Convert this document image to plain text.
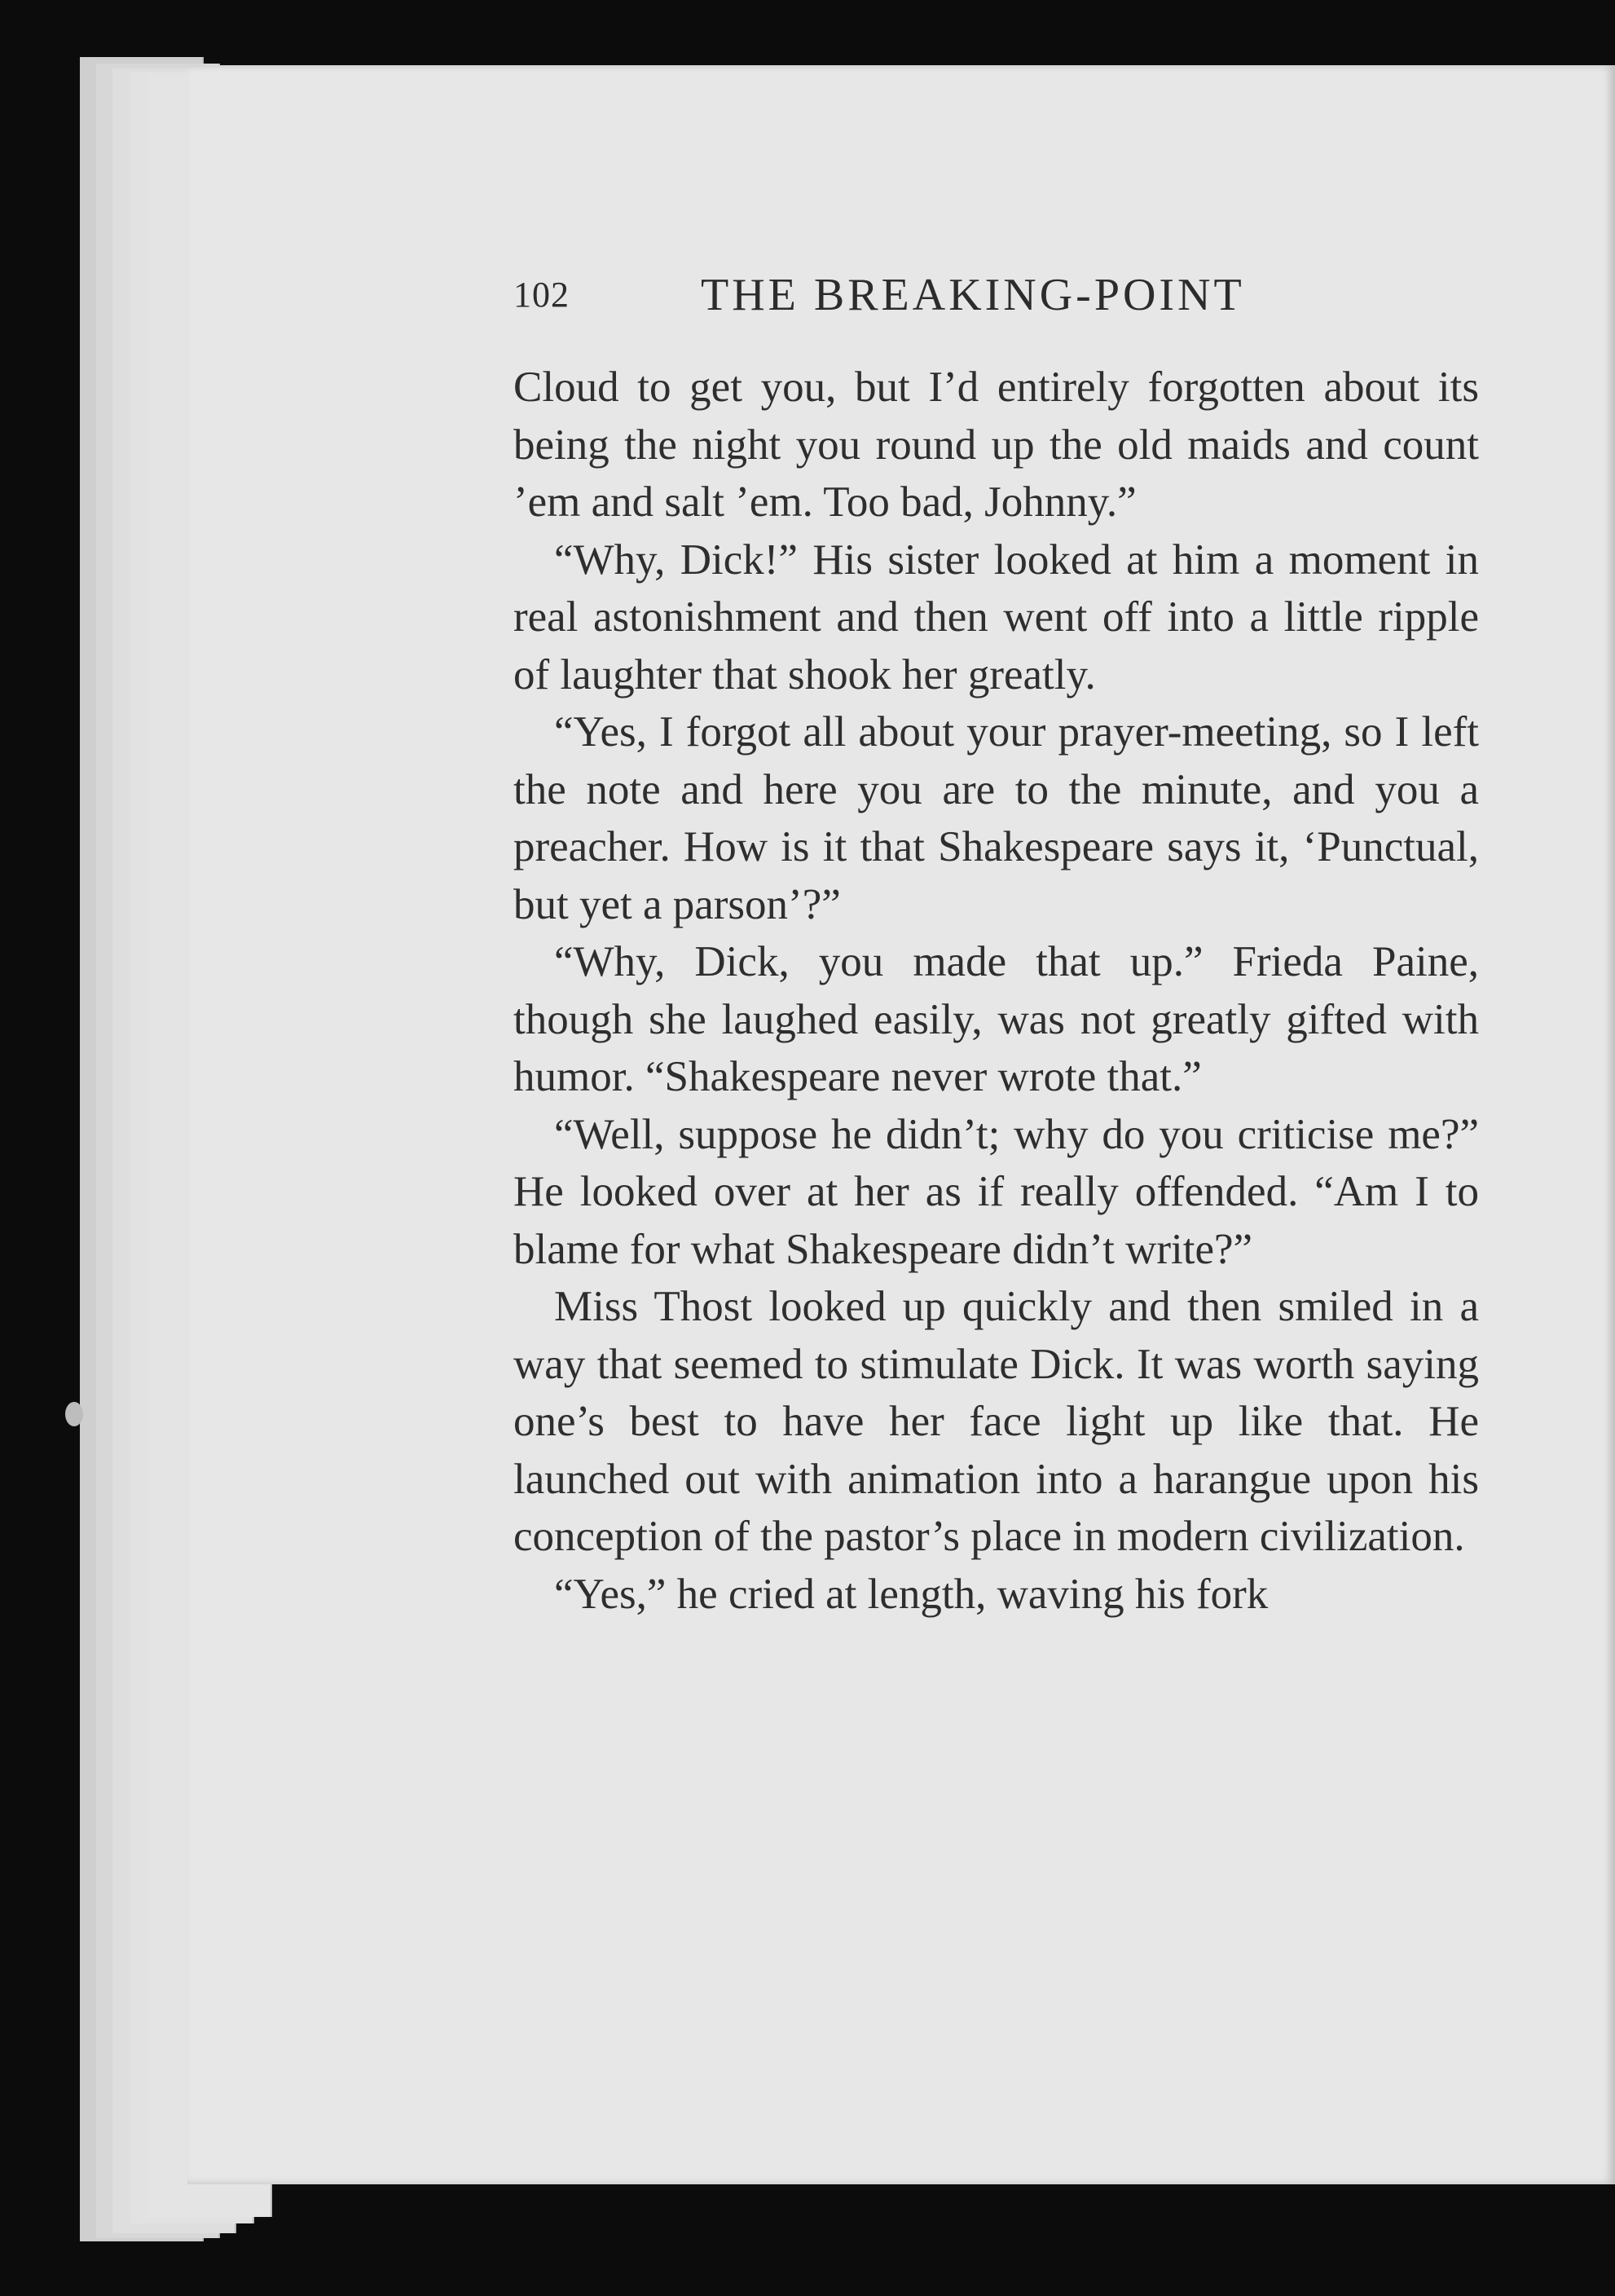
102	THE BREAKING-POINT

Cloud to get you, but I’d entirely forgotten about its being the night you round up the old maids and count ’em and salt ’em. Too bad, Johnny.”

“Why, Dick!” His sister looked at him a moment in real astonishment and then went off into a little ripple of laughter that shook her greatly.

“Yes, I forgot all about your prayer-meeting, so I left the note and here you are to the minute, and you a preacher. How is it that Shakespeare says it, ‘Punctual, but yet a parson’?”

“Why, Dick, you made that up.” Frieda Paine, though she laughed easily, was not greatly gifted with humor. “Shakespeare never wrote that.”

“Well, suppose he didn’t; why do you criticise me?” He looked over at her as if really offended. “Am I to blame for what Shakespeare didn’t write?”

Miss Thost looked up quickly and then smiled in a way that seemed to stimulate Dick. It was worth saying one’s best to have her face light up like that. He launched out with animation into a harangue upon his conception of the pastor’s place in modern civilization.

“Yes,” he cried at length, waving his fork
